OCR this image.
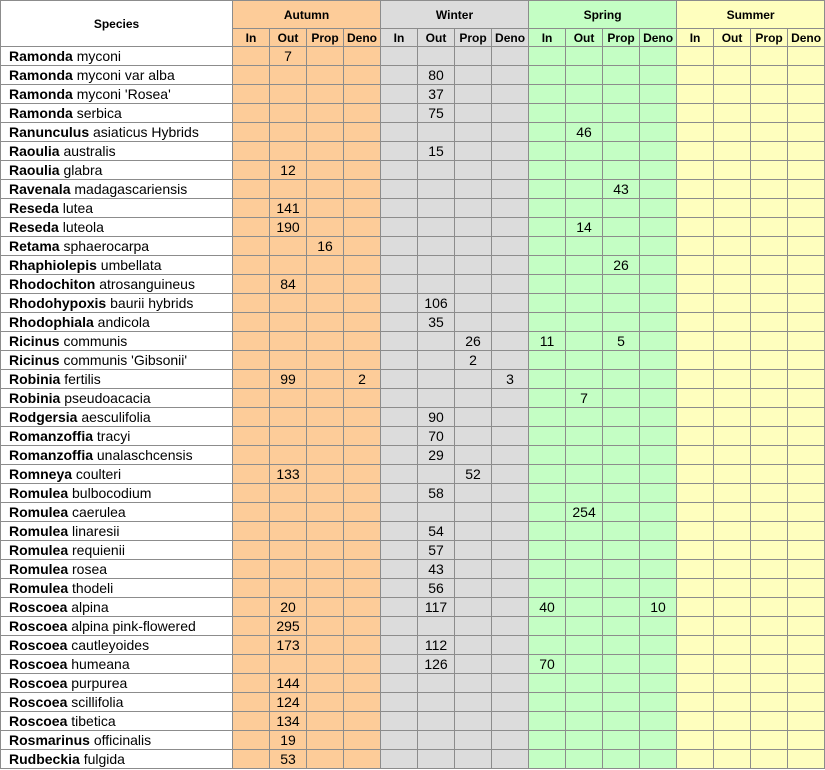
Species	Autumn				Winter				Spring				Summer			
	In	Out	Prop	Deno	In	Out	Prop	Deno	In	Out	Prop	Deno	In	Out	Prop	Deno
Ramonda myconi		7														
Ramonda myconi var alba						80										
Ramonda myconi 'Rosea'						37										
Ramonda serbica						75										
Ranunculus asiaticus Hybrids										46						
Raoulia australis						15										
Raoulia glabra		12														
Ravenala madagascariensis											43					
Reseda lutea		141														
Reseda luteola		190								14						
Retama sphaerocarpa			16													
Rhaphiolepis umbellata											26					
Rhodochiton atrosanguineus		84														
Rhodohypoxis baurii hybrids						106										
Rhodophiala andicola						35										
Ricinus communis							26		11		5					
Ricinus communis 'Gibsonii'							2									
Robinia fertilis		99		2				3								
Robinia pseudoacacia										7						
Rodgersia aesculifolia						90										
Romanzoffia tracyi						70										
Romanzoffia unalaschcensis						29										
Romneya coulteri		133					52									
Romulea bulbocodium						58										
Romulea caerulea										254						
Romulea linaresii						54										
Romulea requienii						57										
Romulea rosea						43										
Romulea thodeli						56										
Roscoea alpina		20				117			40			10				
Roscoea alpina pink-flowered		295														
Roscoea cautleyoides		173				112										
Roscoea humeana						126			70							
Roscoea purpurea		144														
Roscoea scillifolia		124														
Roscoea tibetica		134														
Rosmarinus officinalis		19														
Rudbeckia fulgida		53														
